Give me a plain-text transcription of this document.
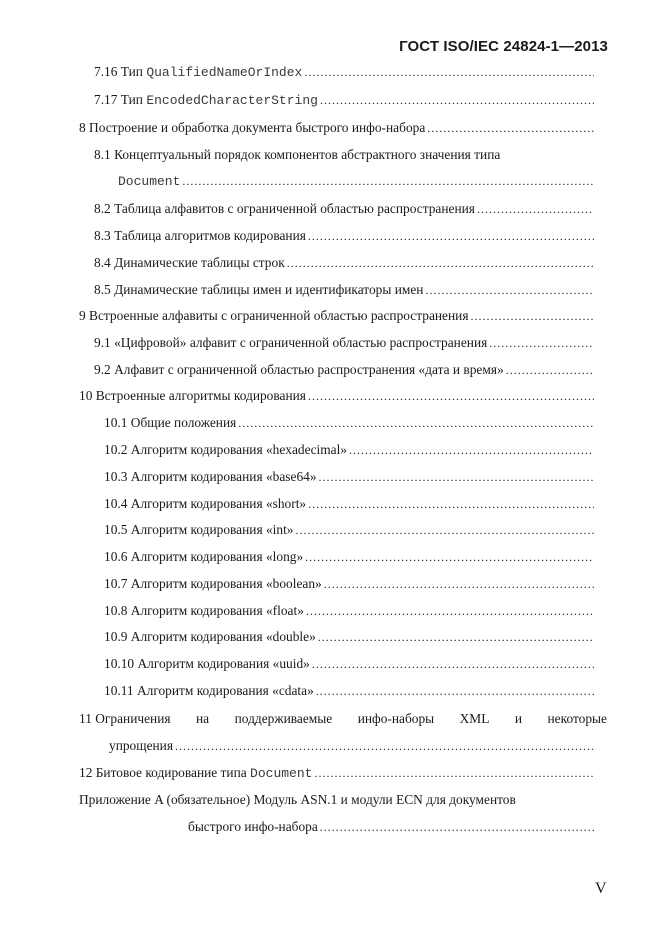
ГОСТ ISO/IEC 24824-1—2013
7.16 Тип QualifiedNameOrIndex
.....
7.17 Тип EncodedCharacterString
.....
8 Построение и обработка документа быстрого инфо-набора
.....
8.1 Концептуальный порядок компонентов абстрактного значения типа
Document
.....
8.2 Таблица алфавитов с ограниченной областью распространения
.....
8.3 Таблица алгоритмов кодирования
.....
8.4 Динамические таблицы строк
.....
8.5 Динамические таблицы имен и идентификаторы имен
.....
9 Встроенные алфавиты с ограниченной областью распространения
.....
9.1 «Цифровой» алфавит с ограниченной областью распространения
.....
9.2 Алфавит с ограниченной областью распространения «дата и время»
.....
10 Встроенные алгоритмы кодирования
.....
10.1 Общие положения
.....
10.2 Алгоритм кодирования «hexadecimal»
.....
10.3 Алгоритм кодирования «base64»
.....
10.4 Алгоритм кодирования «short»
.....
10.5 Алгоритм кодирования «int»
.....
10.6 Алгоритм кодирования «long»
.....
10.7 Алгоритм кодирования «boolean»
.....
10.8 Алгоритм кодирования «float»
.....
10.9 Алгоритм кодирования «double»
.....
10.10 Алгоритм кодирования «uuid»
.....
10.11 Алгоритм кодирования «cdata»
.....
11 Ограничения на поддерживаемые инфо-наборы XML и некоторые
упрощения
.....
12 Битовое кодирование типа Document
.....
Приложение A (обязательное) Модуль ASN.1 и модули ECN для документов
быстрого инфо-набора
.....
V
